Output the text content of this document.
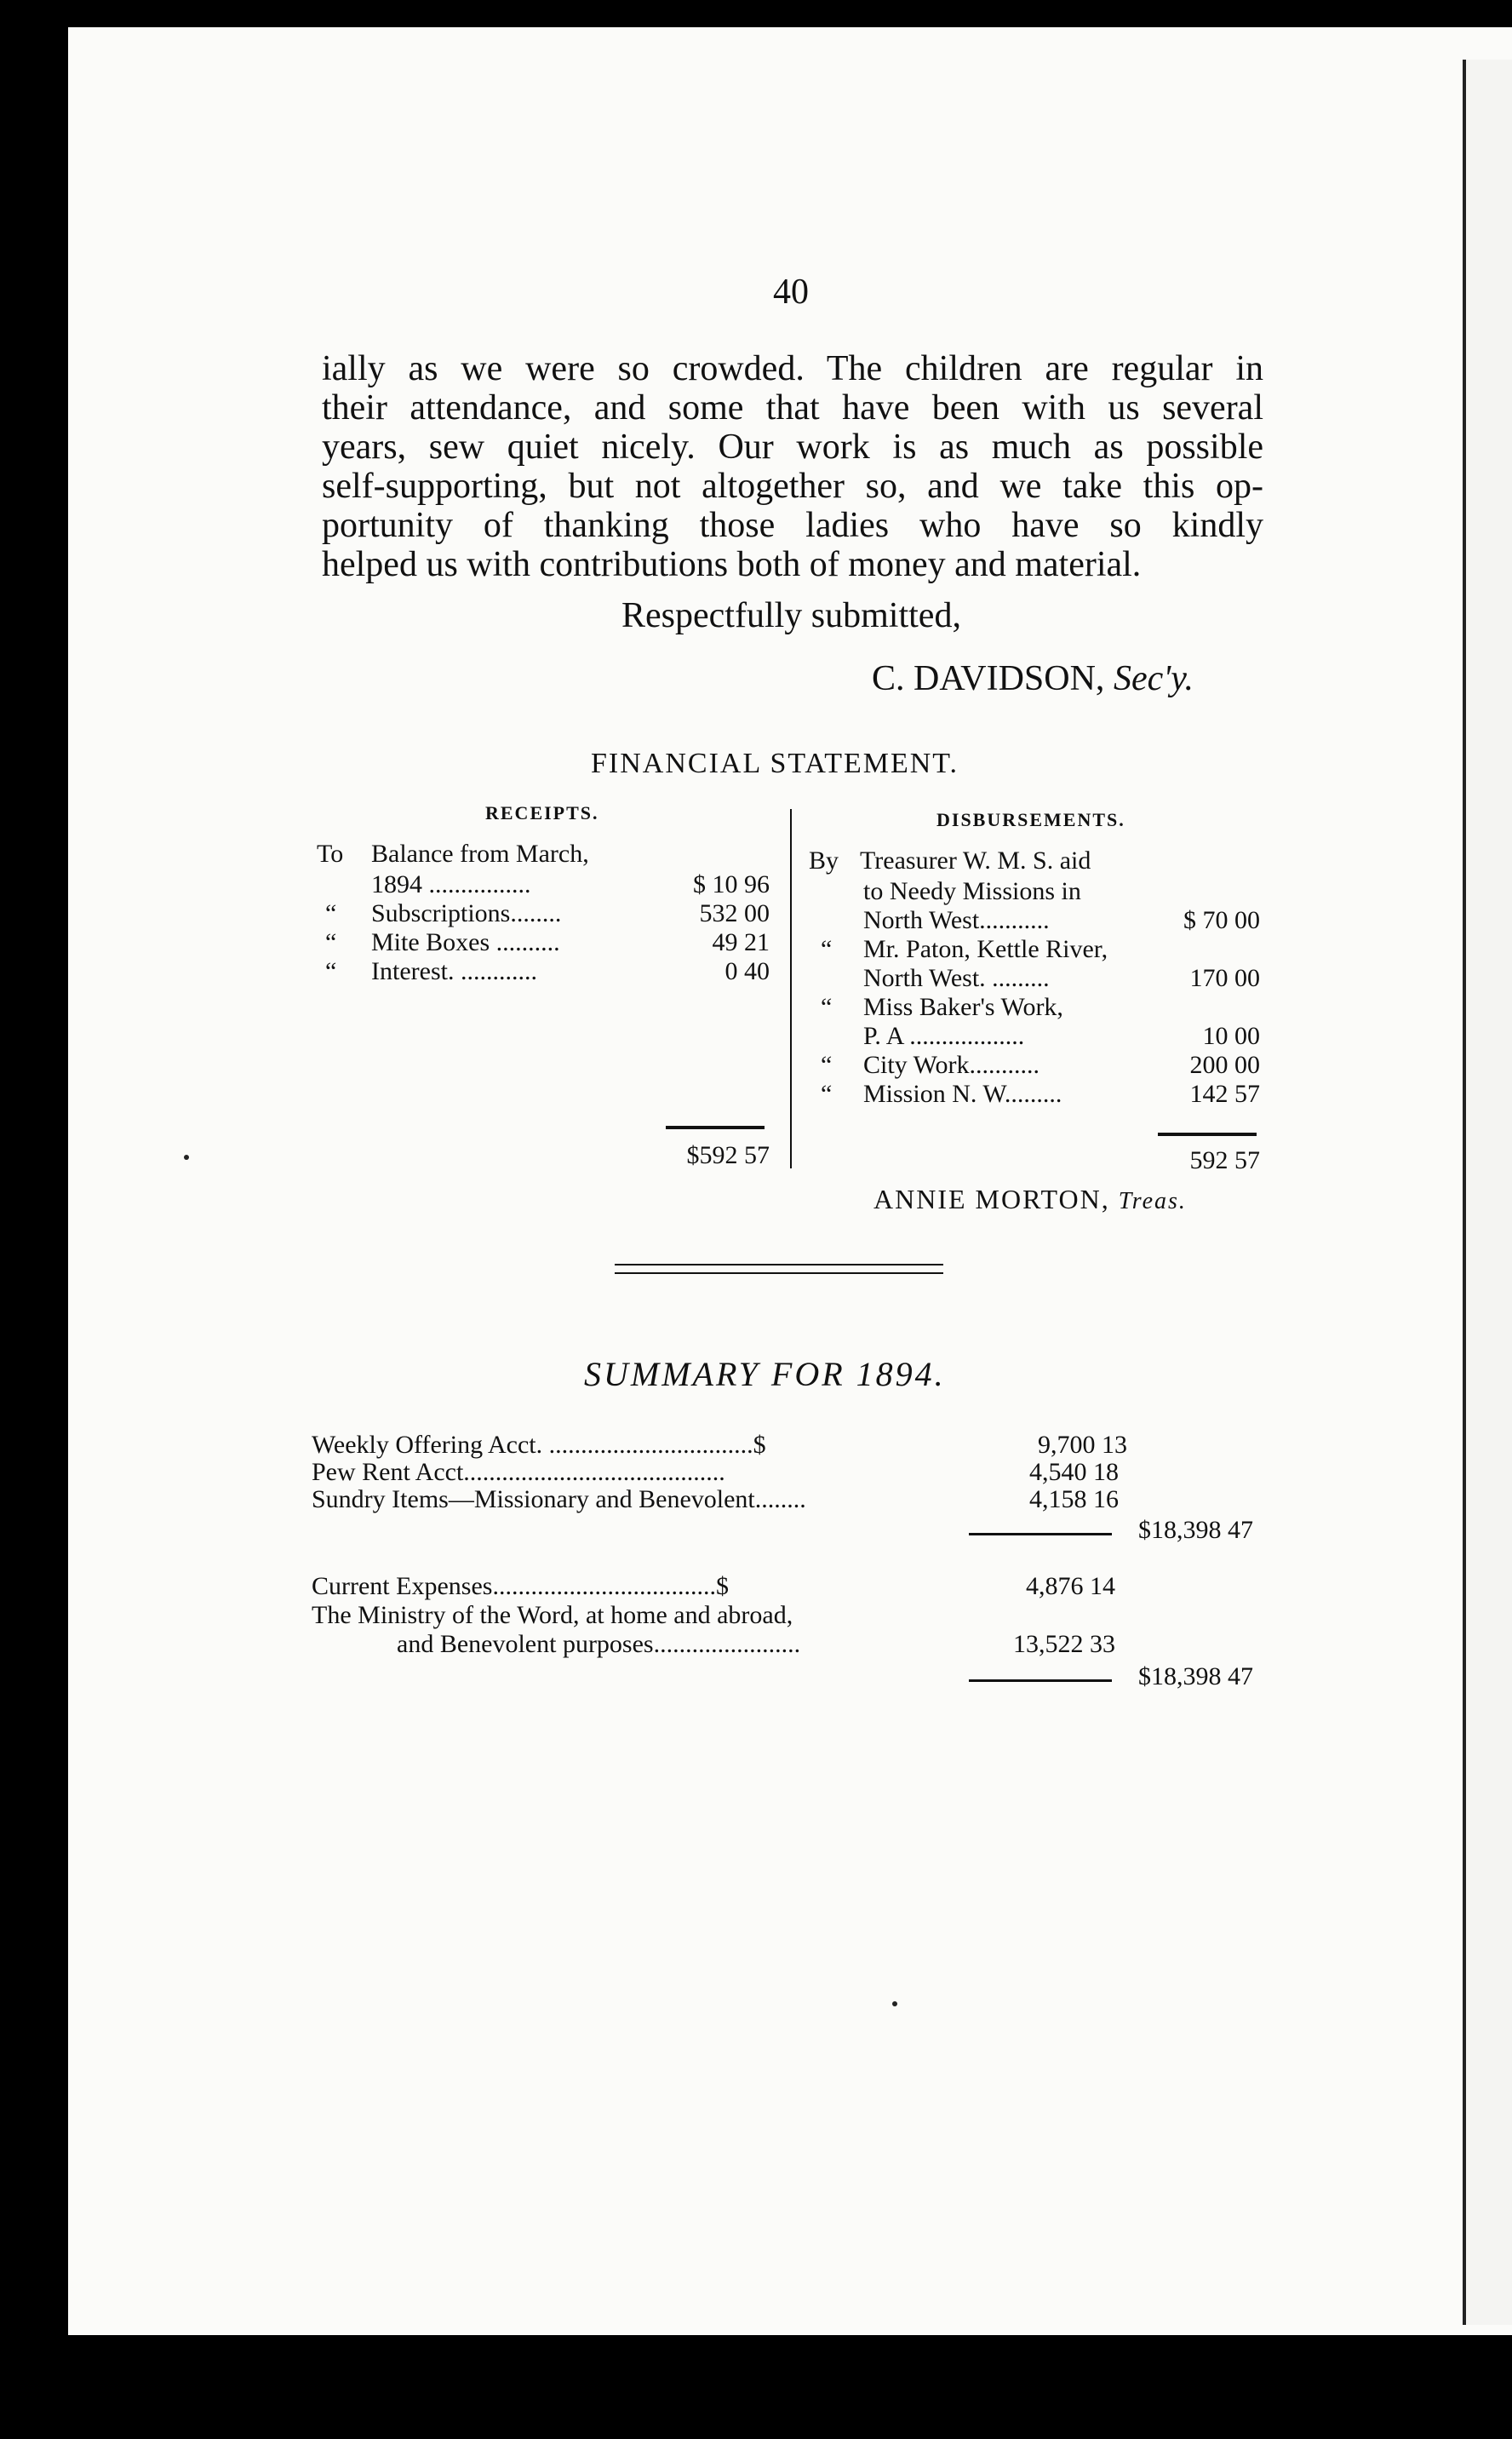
40
ially as we were so crowded. The children are regular in
their attendance, and some that have been with us several
years, sew quiet nicely. Our work is as much as possible
self-supporting, but not altogether so, and we take this op-
portunity of thanking those ladies who have so kindly
helped us with contributions both of money and material.
Respectfully submitted,
C. DAVIDSON, Sec'y.
FINANCIAL STATEMENT.
RECEIPTS.	DISBURSEMENTS.
To Balance from March,
1894 ................	$ 10 96
“ Subscriptions........	532 00
“ Mite Boxes ..........	49 21
“ Interest. ............	0 40
$592 57
By Treasurer W. M. S. aid
to Needy Missions in
North West...........	$ 70 00
“ Mr. Paton, Kettle River,
North West. .........	170 00
“ Miss Baker's Work,
P. A ..................	10 00
“ City Work...........	200 00
“ Mission N. W.........	142 57
592 57
ANNIE MORTON, Treas.
SUMMARY FOR 1894.
Weekly Offering Acct. ................................$	9,700 13
Pew Rent Acct.........................................	4,540 18
Sundry Items—Missionary and Benevolent........	4,158 16
$18,398 47
Current Expenses...................................$	4,876 14
The Ministry of the Word, at home and abroad,
and Benevolent purposes.......................	13,522 33
$18,398 47
